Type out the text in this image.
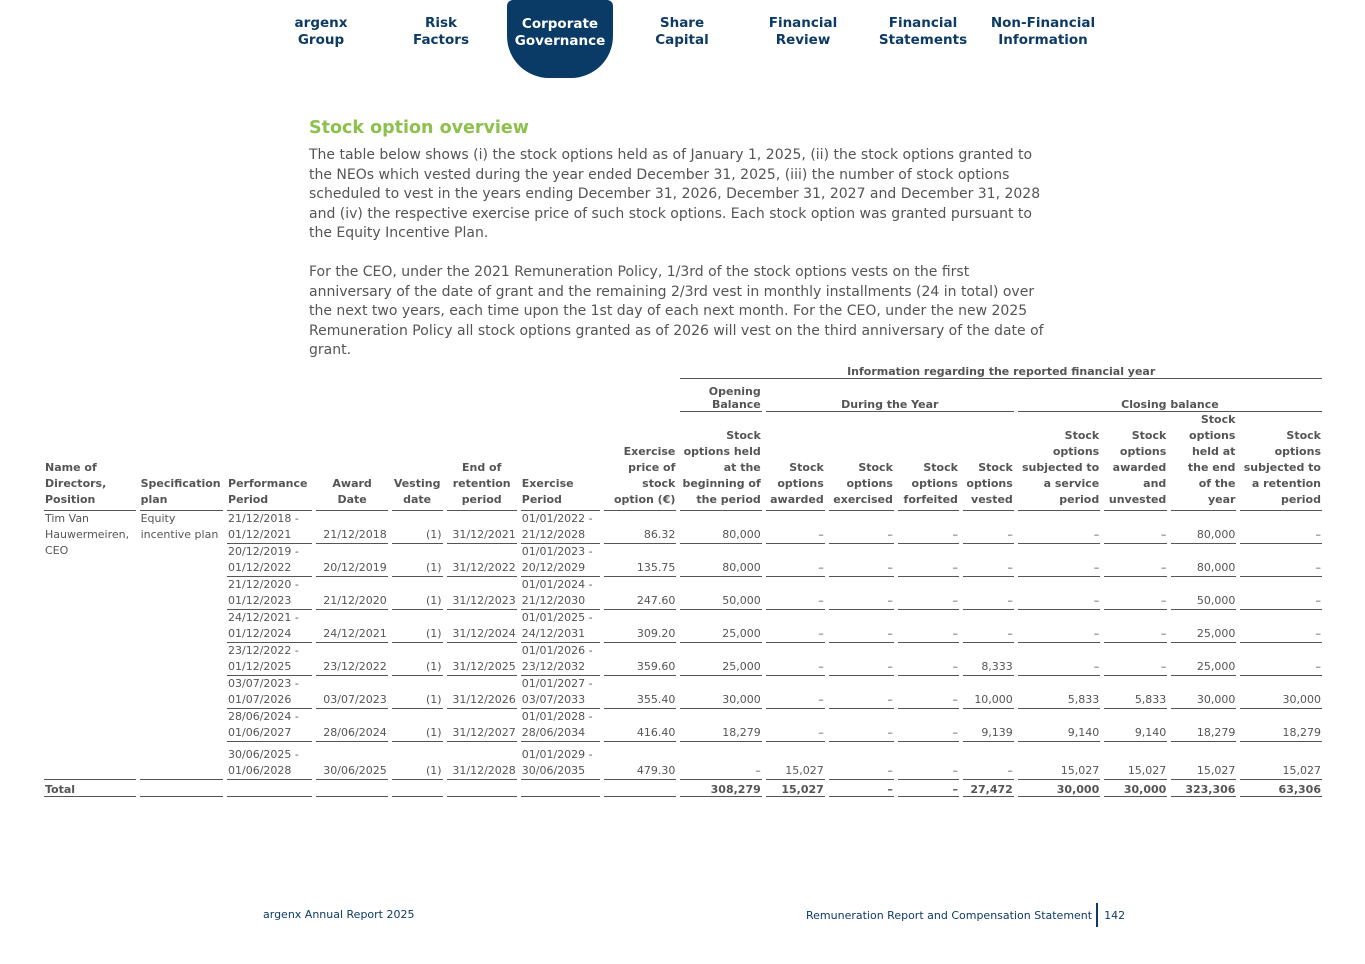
argenx
Group
Risk
Factors
Corporate
Governance
Share
Capital
Financial
Review
Financial
Statements
Non-Financial
Information
Stock option overview

The table below shows (i) the stock options held as of January 1, 2025, (ii) the stock options granted to the NEOs which vested during the year ended December 31, 2025, (iii) the number of stock options scheduled to vest in the years ending December 31, 2026, December 31, 2027 and December 31, 2028 and (iv) the respective exercise price of such stock options. Each stock option was granted pursuant to the Equity Incentive Plan.

For the CEO, under the 2021 Remuneration Policy, 1/3rd of the stock options vests on the first anniversary of the date of grant and the remaining 2/3rd vest in monthly installments (24 in total) over the next two years, each time upon the 1st day of each next month. For the CEO, under the new 2025 Remuneration Policy all stock options granted as of 2026 will vest on the third anniversary of the date of grant.

								Information regarding the reported financial year								
								Opening Balance	During the Year				Closing balance			
Name of Directors, Position	Specification plan	Performance Period	Award Date	Vesting date	End of retention period	Exercise Period	Exercise price of stock option (€)	Stock options held at the beginning of the period	Stock options awarded	Stock options exercised	Stock options forfeited	Stock options vested	Stock options subjected to a service period	Stock options awarded and unvested	Stock options held at the end of the year	Stock options subjected to a retention period
Tim Van Hauwermeiren, CEO	Equity incentive plan	21/12/2018 - 01/12/2021	21/12/2018	(1)	31/12/2021	01/01/2022 - 21/12/2028	86.32	80,000	–	–	–	–	–	–	80,000	–
		20/12/2019 - 01/12/2022	20/12/2019	(1)	31/12/2022	01/01/2023 - 20/12/2029	135.75	80,000	–	–	–	–	–	–	80,000	–
		21/12/2020 - 01/12/2023	21/12/2020	(1)	31/12/2023	01/01/2024 - 21/12/2030	247.60	50,000	–	–	–	–	–	–	50,000	–
		24/12/2021 - 01/12/2024	24/12/2021	(1)	31/12/2024	01/01/2025 - 24/12/2031	309.20	25,000	–	–	–	–	–	–	25,000	–
		23/12/2022 - 01/12/2025	23/12/2022	(1)	31/12/2025	01/01/2026 - 23/12/2032	359.60	25,000	–	–	–	8,333	–	–	25,000	–
		03/07/2023 - 01/07/2026	03/07/2023	(1)	31/12/2026	01/01/2027 - 03/07/2033	355.40	30,000	–	–	–	10,000	5,833	5,833	30,000	30,000
		28/06/2024 - 01/06/2027	28/06/2024	(1)	31/12/2027	01/01/2028 - 28/06/2034	416.40	18,279	–	–	–	9,139	9,140	9,140	18,279	18,279
		30/06/2025 - 01/06/2028	30/06/2025	(1)	31/12/2028	01/01/2029 - 30/06/2035	479.30	–	15,027	–	–	–	15,027	15,027	15,027	15,027
Total								308,279	15,027	–	–	27,472	30,000	30,000	323,306	63,306
argenx Annual Report 2025	Remuneration Report and Compensation Statement 142
